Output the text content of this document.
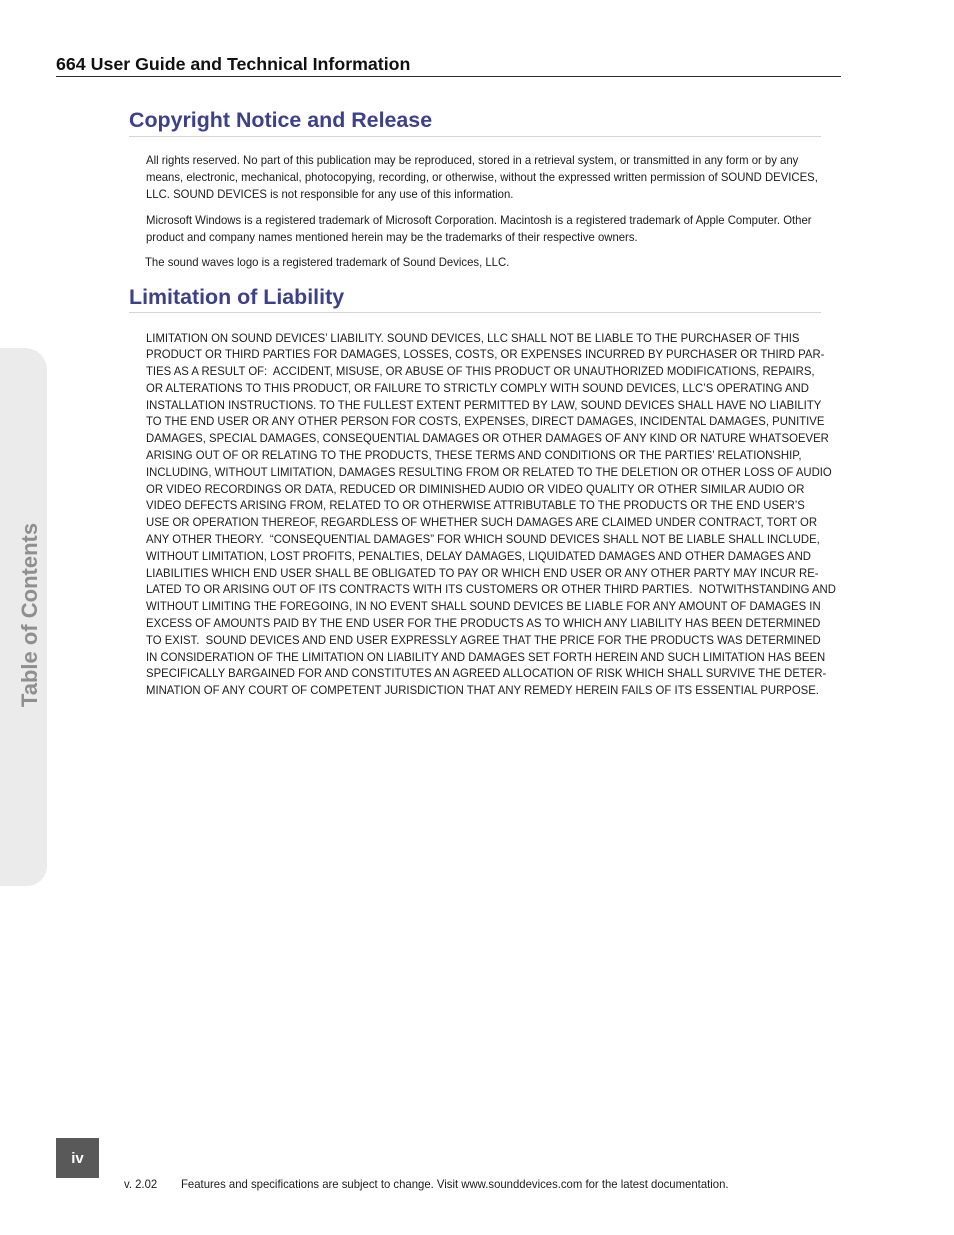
664 User Guide and Technical Information
Copyright Notice and Release
All rights reserved. No part of this publication may be reproduced, stored in a retrieval system, or transmitted in any form or by any
means, electronic, mechanical, photocopying, recording, or otherwise, without the expressed written permission of SOUND DEVICES,
LLC. SOUND DEVICES is not responsible for any use of this information.
Microsoft Windows is a registered trademark of Microsoft Corporation. Macintosh is a registered trademark of Apple Computer. Other
product and company names mentioned herein may be the trademarks of their respective owners.
The sound waves logo is a registered trademark of Sound Devices, LLC.
Limitation of Liability
LIMITATION ON SOUND DEVICES’ LIABILITY. SOUND DEVICES, LLC SHALL NOT BE LIABLE TO THE PURCHASER OF THIS
PRODUCT OR THIRD PARTIES FOR DAMAGES, LOSSES, COSTS, OR EXPENSES INCURRED BY PURCHASER OR THIRD PAR-
TIES AS A RESULT OF:  ACCIDENT, MISUSE, OR ABUSE OF THIS PRODUCT OR UNAUTHORIZED MODIFICATIONS, REPAIRS,
OR ALTERATIONS TO THIS PRODUCT, OR FAILURE TO STRICTLY COMPLY WITH SOUND DEVICES, LLC’S OPERATING AND
INSTALLATION INSTRUCTIONS. TO THE FULLEST EXTENT PERMITTED BY LAW, SOUND DEVICES SHALL HAVE NO LIABILITY
TO THE END USER OR ANY OTHER PERSON FOR COSTS, EXPENSES, DIRECT DAMAGES, INCIDENTAL DAMAGES, PUNITIVE
DAMAGES, SPECIAL DAMAGES, CONSEQUENTIAL DAMAGES OR OTHER DAMAGES OF ANY KIND OR NATURE WHATSOEVER
ARISING OUT OF OR RELATING TO THE PRODUCTS, THESE TERMS AND CONDITIONS OR THE PARTIES’ RELATIONSHIP,
INCLUDING, WITHOUT LIMITATION, DAMAGES RESULTING FROM OR RELATED TO THE DELETION OR OTHER LOSS OF AUDIO
OR VIDEO RECORDINGS OR DATA, REDUCED OR DIMINISHED AUDIO OR VIDEO QUALITY OR OTHER SIMILAR AUDIO OR
VIDEO DEFECTS ARISING FROM, RELATED TO OR OTHERWISE ATTRIBUTABLE TO THE PRODUCTS OR THE END USER’S
USE OR OPERATION THEREOF, REGARDLESS OF WHETHER SUCH DAMAGES ARE CLAIMED UNDER CONTRACT, TORT OR
ANY OTHER THEORY.  “CONSEQUENTIAL DAMAGES” FOR WHICH SOUND DEVICES SHALL NOT BE LIABLE SHALL INCLUDE,
WITHOUT LIMITATION, LOST PROFITS, PENALTIES, DELAY DAMAGES, LIQUIDATED DAMAGES AND OTHER DAMAGES AND
LIABILITIES WHICH END USER SHALL BE OBLIGATED TO PAY OR WHICH END USER OR ANY OTHER PARTY MAY INCUR RE-
LATED TO OR ARISING OUT OF ITS CONTRACTS WITH ITS CUSTOMERS OR OTHER THIRD PARTIES.  NOTWITHSTANDING AND
WITHOUT LIMITING THE FOREGOING, IN NO EVENT SHALL SOUND DEVICES BE LIABLE FOR ANY AMOUNT OF DAMAGES IN
EXCESS OF AMOUNTS PAID BY THE END USER FOR THE PRODUCTS AS TO WHICH ANY LIABILITY HAS BEEN DETERMINED
TO EXIST.  SOUND DEVICES AND END USER EXPRESSLY AGREE THAT THE PRICE FOR THE PRODUCTS WAS DETERMINED
IN CONSIDERATION OF THE LIMITATION ON LIABILITY AND DAMAGES SET FORTH HEREIN AND SUCH LIMITATION HAS BEEN
SPECIFICALLY BARGAINED FOR AND CONSTITUTES AN AGREED ALLOCATION OF RISK WHICH SHALL SURVIVE THE DETER-
MINATION OF ANY COURT OF COMPETENT JURISDICTION THAT ANY REMEDY HEREIN FAILS OF ITS ESSENTIAL PURPOSE.
Table of Contents
iv
v. 2.02 Features and specifications are subject to change. Visit www.sounddevices.com for the latest documentation.
